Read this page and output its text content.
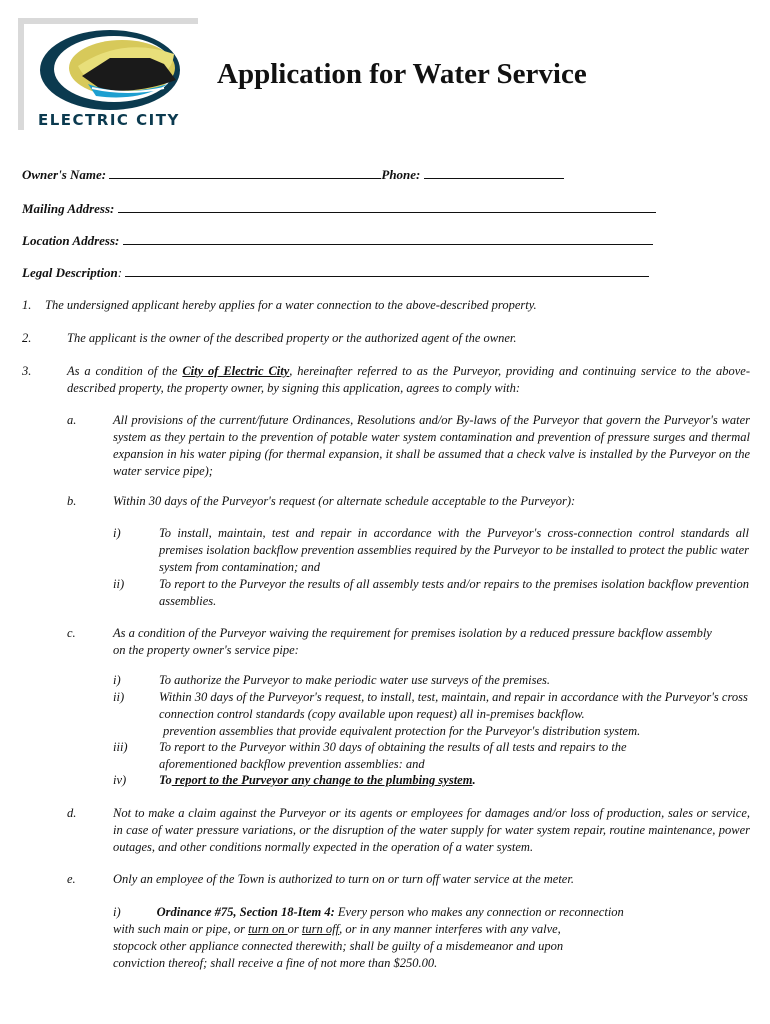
ELECTRIC CITY
Application for Water Service
Owner's Name:	Phone:
Mailing Address:
Location Address:
Legal Description:
1. The undersigned applicant hereby applies for a water connection to the above-described property.
2.	The applicant is the owner of the described property or the authorized agent of the owner.
3.	As a condition of the City of Electric City, hereinafter referred to as the Purveyor, providing and continuing service to the above-described property, the property owner, by signing this application, agrees to comply with:
a.	All provisions of the current/future Ordinances, Resolutions and/or By-laws of the Purveyor that govern the Purveyor's water system as they pertain to the prevention of potable water system contamination and prevention of pressure surges and thermal expansion in his water piping (for thermal expansion, it shall be assumed that a check valve is installed by the Purveyor on the water service pipe);
b.	Within 30 days of the Purveyor's request (or alternate schedule acceptable to the Purveyor):
i)	To install, maintain, test and repair in accordance with the Purveyor's cross-connection control standards all premises isolation backflow prevention assemblies required by the Purveyor to be installed to protect the public water system from contamination; and
ii)	To report to the Purveyor the results of all assembly tests and/or repairs to the premises isolation backflow prevention assemblies.
c.	As a condition of the Purveyor waiving the requirement for premises isolation by a reduced pressure backflow assembly on the property owner's service pipe:
i)	To authorize the Purveyor to make periodic water use surveys of the premises.
ii)	Within 30 days of the Purveyor's request, to install, test, maintain, and repair in accordance with the Purveyor's cross connection control standards (copy available upon request) all in-premises backflow.
prevention assemblies that provide equivalent protection for the Purveyor's distribution system.
iii)	To report to the Purveyor within 30 days of obtaining the results of all tests and repairs to the aforementioned backflow prevention assemblies: and
iv)	To report to the Purveyor any change to the plumbing system.
d.	Not to make a claim against the Purveyor or its agents or employees for damages and/or loss of production, sales or service, in case of water pressure variations, or the disruption of the water supply for water system repair, routine maintenance, power outages, and other conditions normally expected in the operation of a water system.
e.	Only an employee of the Town is authorized to turn on or turn off water service at the meter.
i)	Ordinance #75, Section 18-Item 4: Every person who makes any connection or reconnection
with such main or pipe, or turn on or turn off, or in any manner interferes with any valve,
stopcock other appliance connected therewith; shall be guilty of a misdemeanor and upon
conviction thereof; shall receive a fine of not more than $250.00.
